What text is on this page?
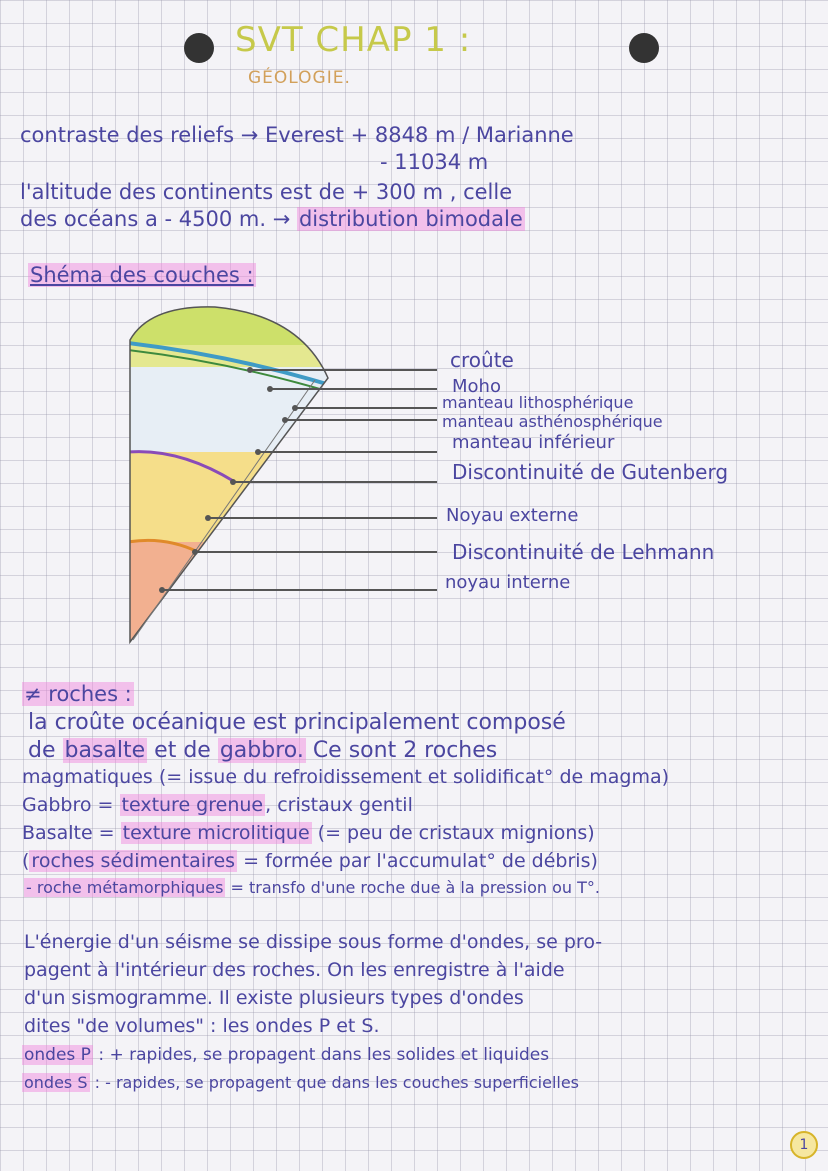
SVT CHAP 1 :
GÉOLOGIE.
contraste des reliefs → Everest + 8848 m / Marianne
- 11034 m
l'altitude des continents est de + 300 m , celle
des océans a - 4500 m. → distribution bimodale
Shéma des couches :
croûte
Moho
manteau lithosphérique
manteau asthénosphérique
manteau inférieur
Discontinuité de Gutenberg
Noyau externe
Discontinuité de Lehmann
noyau interne
≠ roches :
la croûte océanique est principalement composé
de basalte et de gabbro. Ce sont 2 roches
magmatiques (= issue du refroidissement et solidificat° de magma)
Gabbro = texture grenue , cristaux gentil
Basalte = texture microlitique (= peu de cristaux mignions)
( roches sédimentaires = formée par l'accumulat° de débris)
- roche métamorphiques = transfo d'une roche due à la pression ou T°.
L'énergie d'un séisme se dissipe sous forme d'ondes, se pro-
pagent à l'intérieur des roches. On les enregistre à l'aide
d'un sismogramme. Il existe plusieurs types d'ondes
dites "de volumes" : les ondes P et S.
ondes P : + rapides, se propagent dans les solides et liquides
ondes S : - rapides, se propagent que dans les couches superficielles
1
